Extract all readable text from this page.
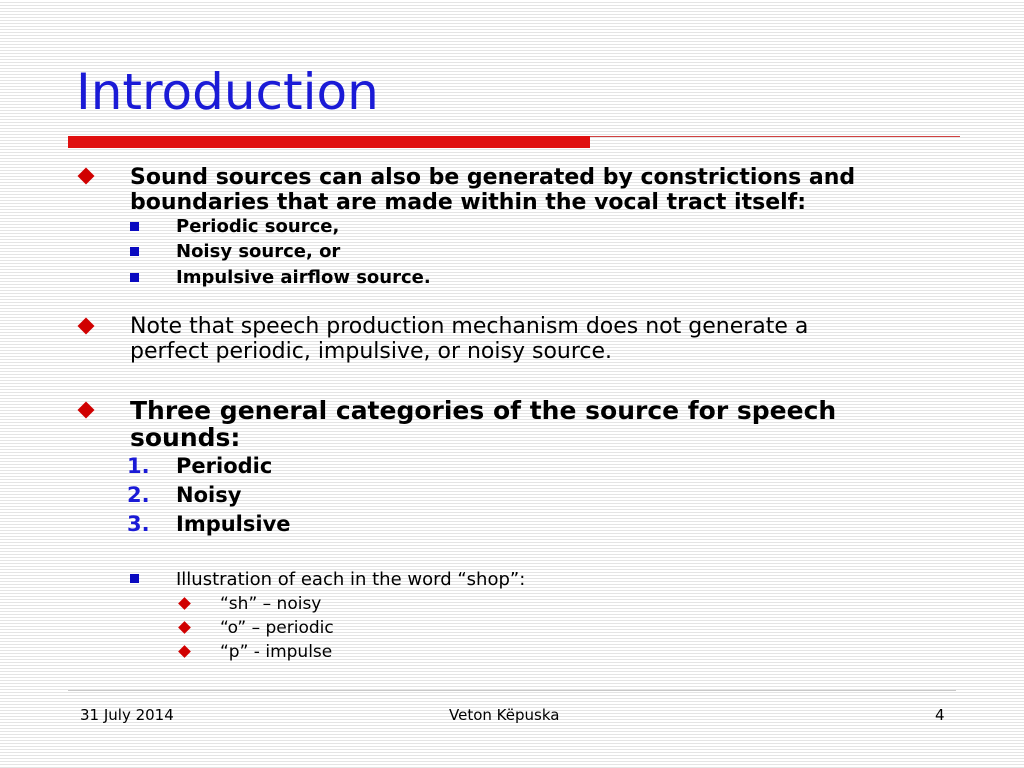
Introduction
Sound sources can also be generated by constrictions and
boundaries that are made within the vocal tract itself:
Periodic source,
Noisy source, or
Impulsive airflow source.
Note that speech production mechanism does not generate a
perfect periodic, impulsive, or noisy source.
Three general categories of the source for speech
sounds:
1. Periodic
2. Noisy
3. Impulsive
Illustration of each in the word “shop”:
“sh” – noisy
“o” – periodic
“p” - impulse
31 July 2014	Veton Këpuska	4
